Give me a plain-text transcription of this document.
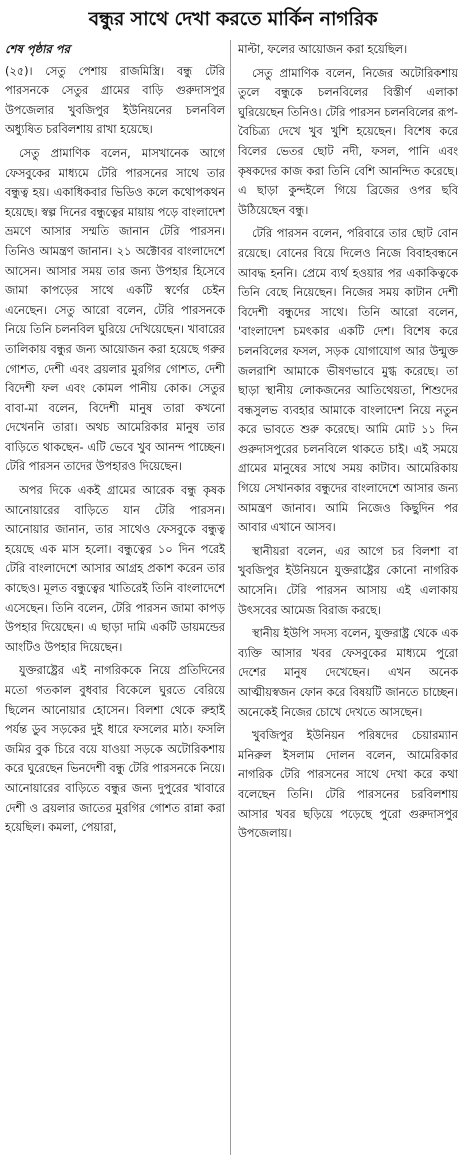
বন্ধুর সাথে দেখা করতে মার্কিন নাগরিক
শেষ পৃষ্ঠার পর

(২৫)। সেতু পেশায় রাজমিস্ত্রি। বন্ধু টেরি পারসনকে সেতুর গ্রামের বাড়ি গুরুদাসপুর উপজেলার খুবজিপুর ইউনিয়নের চলনবিল অধ্যুষিত চরবিলশায় রাখা হয়েছে।

সেতু প্রামাণিক বলেন, মাসখানেক আগে ফেসবুকের মাধ্যমে টেরি পারসনের সাথে তার বন্ধুত্ব হয়। একাধিকবার ভিডিও কলে কথোপকথন হয়েছে। স্বল্প দিনের বন্ধুত্বের মায়ায় পড়ে বাংলাদেশ ভ্রমণে আসার সম্মতি জানান টেরি পারসন। তিনিও আমন্ত্রণ জানান। ২১ অক্টোবর বাংলাদেশে আসেন। আসার সময় তার জন্য উপহার হিসেবে জামা কাপড়ের সাথে একটি স্বর্ণের চেইন এনেছেন। সেতু আরো বলেন, টেরি পারসনকে নিয়ে তিনি চলনবিল ঘুরিয়ে দেখিয়েছেন। খাবারের তালিকায় বন্ধুর জন্য আয়োজন করা হয়েছে গরুর গোশত, দেশী এবং ব্রয়লার মুরগির গোশত, দেশী বিদেশী ফল এবং কোমল পানীয় কোক। সেতুর বাবা-মা বলেন, বিদেশী মানুষ তারা কখনো দেখেননি তারা। অথচ আমেরিকার মানুষ তার বাড়িতে থাকছেন- এটি ভেবে খুব আনন্দ পাচ্ছেন। টেরি পারসন তাদের উপহারও দিয়েছেন।

অপর দিকে একই গ্রামের আরেক বন্ধু কৃষক আনোয়ারের বাড়িতে যান টেরি পারসন। আনোয়ার জানান, তার সাথেও ফেসবুকে বন্ধুত্ব হয়েছে এক মাস হলো। বন্ধুত্বের ১০ দিন পরেই টেরি বাংলাদেশে আসার আগ্রহ প্রকাশ করেন তার কাছেও। মূলত বন্ধুত্বের খাতিরেই তিনি বাংলাদেশে এসেছেন। তিনি বলেন, টেরি পারসন জামা কাপড় উপহার দিয়েছেন। এ ছাড়া দামি একটি ডায়মন্ডের আংটিও উপহার দিয়েছেন।

যুক্তরাষ্ট্রের এই নাগরিককে নিয়ে প্রতিদিনের মতো গতকাল বুধবার বিকেলে ঘুরতে বেরিয়ে ছিলেন আনোয়ার হোসেন। বিলশা থেকে রুহাই পর্যন্ত ডুব সড়কের দুই ধারে ফসলের মাঠ। ফসলি জমির বুক চিরে বয়ে যাওয়া সড়কে অটোরিকশায় করে ঘুরেছেন ভিনদেশী বন্ধু টেরি পারসনকে নিয়ে। আনোয়ারের বাড়িতে বন্ধুর জন্য দুপুরের খাবারে দেশী ও ব্রয়লার জাতের মুরগির গোশত রান্না করা হয়েছিল। কমলা, পেয়ারা,

মাল্টা, ফলের আয়োজন করা হয়েছিল।

সেতু প্রামাণিক বলেন, নিজের অটোরিকশায় তুলে বন্ধুকে চলনবিলের বিস্তীর্ণ এলাকা ঘুরিয়েছেন তিনিও। টেরি পারসন চলনবিলের রূপ-বৈচিত্র্য দেখে খুব খুশি হয়েছেন। বিশেষ করে বিলের ভেতর ছোট নদী, ফসল, পানি এবং কৃষকদের কাজ করা তিনি বেশি আনন্দিত করেছে। এ ছাড়া কুন্দইলে গিয়ে ব্রিজের ওপর ছবি উঠিয়েছেন বন্ধু।

টেরি পারসন বলেন, পরিবারে তার ছোট বোন রয়েছে। বোনের বিয়ে দিলেও নিজে বিবাহবন্ধনে আবদ্ধ হননি। প্রেমে ব্যর্থ হওয়ার পর একাকিত্বকে তিনি বেছে নিয়েছেন। নিজের সময় কাটান দেশী বিদেশী বন্ধুদের সাথে। তিনি আরো বলেন, 'বাংলাদেশ চমৎকার একটি দেশ। বিশেষ করে চলনবিলের ফসল, সড়ক যোগাযোগ আর উন্মুক্ত জলরাশি আমাকে ভীষণভাবে মুগ্ধ করেছে। তা ছাড়া স্থানীয় লোকজনের আতিথেয়তা, শিশুদের বন্ধসুলভ ব্যবহার আমাকে বাংলাদেশ নিয়ে নতুন করে ভাবতে শুরু করেছে। আমি মোট ১১ দিন গুরুদাসপুরের চলনবিলে থাকতে চাই। এই সময়ে গ্রামের মানুষের সাথে সময় কাটাব। আমেরিকায় গিয়ে সেখানকার বন্ধুদের বাংলাদেশে আসার জন্য আমন্ত্রণ জানাব। আমি নিজেও কিছুদিন পর আবার এখানে আসব।

স্থানীয়রা বলেন, এর আগে চর বিলশা বা খুবজিপুর ইউনিয়নে যুক্তরাষ্ট্রের কোনো নাগরিক আসেনি। টেরি পারসন আসায় এই এলাকায় উৎসবের আমেজ বিরাজ করছে।

স্থানীয় ইউপি সদস্য বলেন, যুক্তরাষ্ট্র থেকে এক ব্যক্তি আসার খবর ফেসবুকের মাধ্যমে পুরো দেশের মানুষ দেখেছেন। এখন অনেক আত্মীয়স্বজন ফোন করে বিষয়টি জানতে চাচ্ছেন। অনেকেই নিজের চোখে দেখতে আসছেন।

খুবজিপুর ইউনিয়ন পরিষদের চেয়ারম্যান মনিরুল ইসলাম দোলন বলেন, আমেরিকার নাগরিক টেরি পারসনের সাথে দেখা করে কথা বলেছেন তিনি। টেরি পারসনের চরবিলশায় আসার খবর ছড়িয়ে পড়েছে পুরো গুরুদাসপুর উপজেলায়।
